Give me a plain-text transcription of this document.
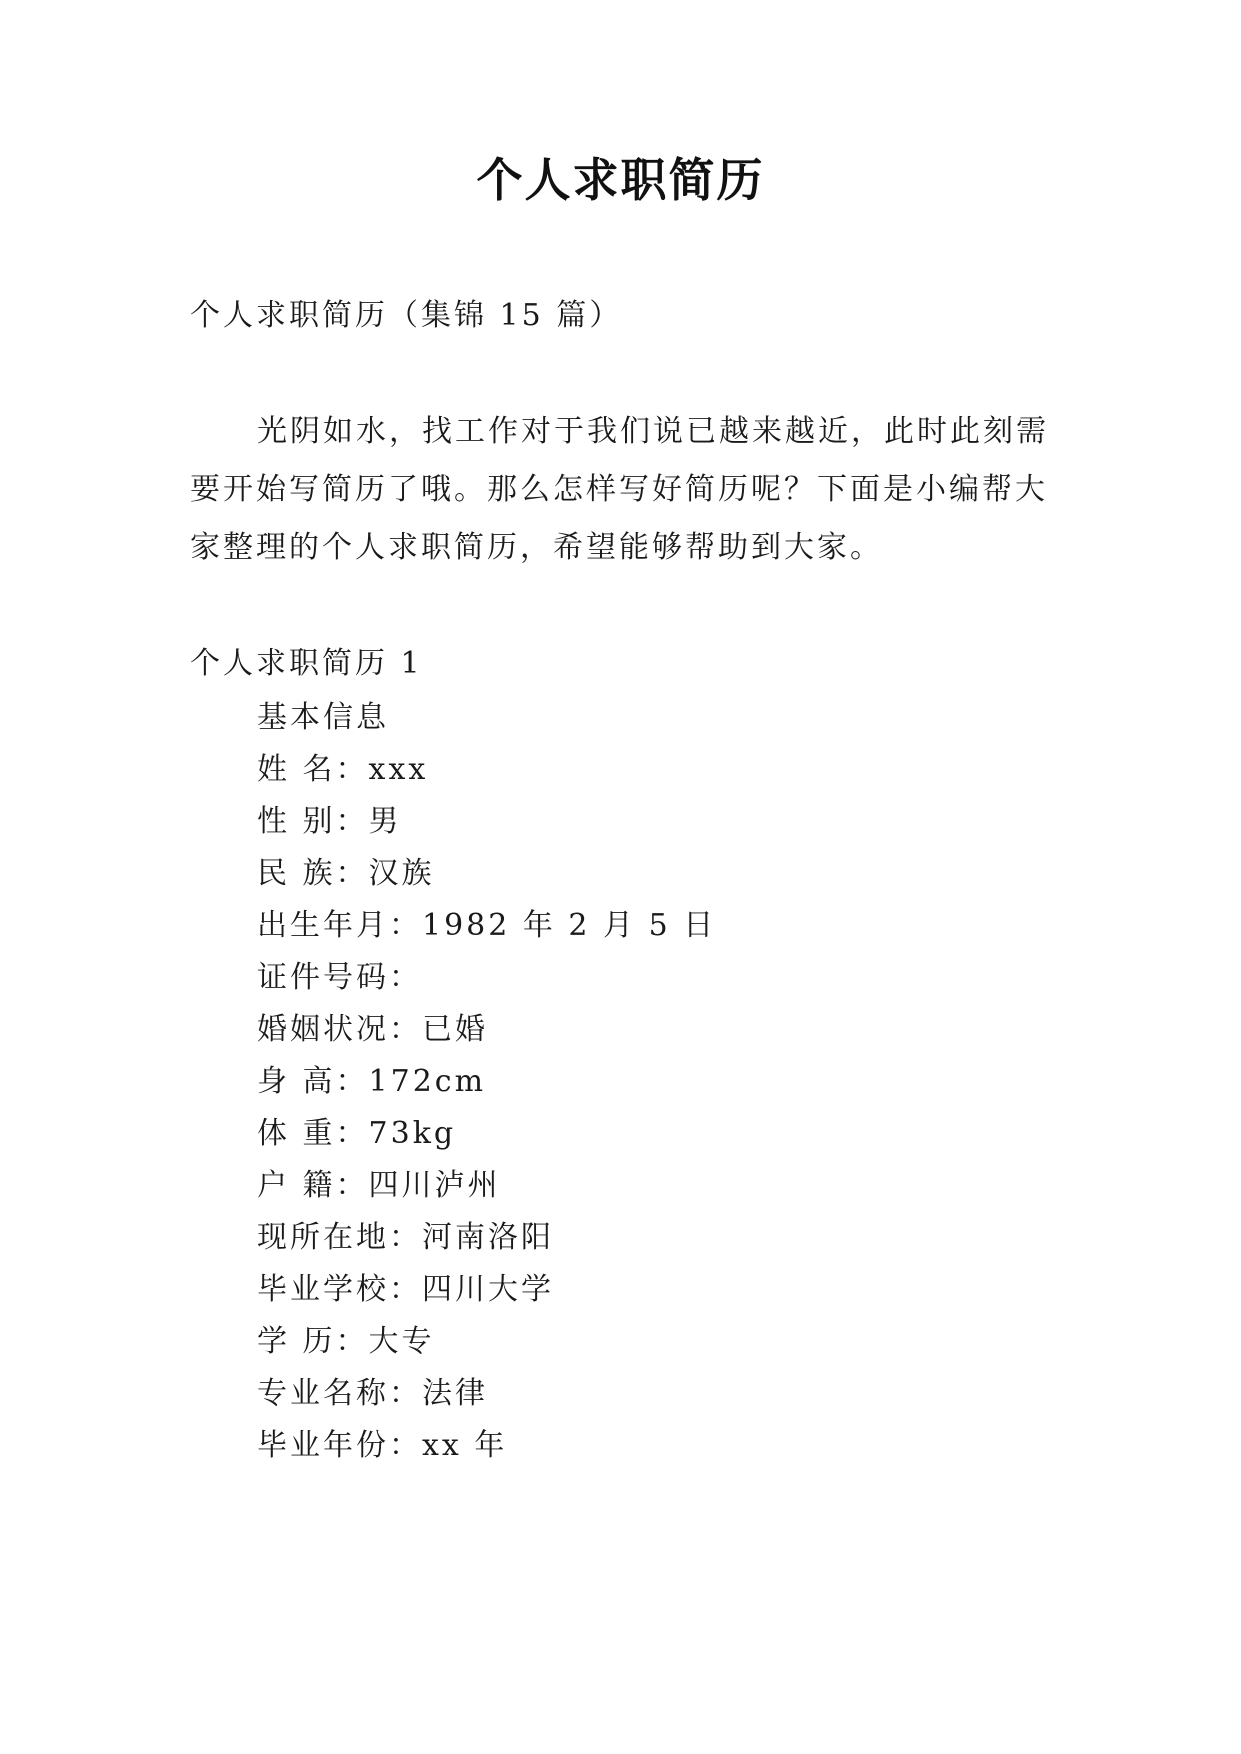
个人求职简历
个人求职简历（集锦 15 篇）
光阴如水，找工作对于我们说已越来越近，此时此刻需
要开始写简历了哦。那么怎样写好简历呢？下面是小编帮大
家整理的个人求职简历，希望能够帮助到大家。
个人求职简历 1
基本信息
姓 名：xxx
性 别：男
民 族：汉族
出生年月：1982 年 2 月 5 日
证件号码：
婚姻状况：已婚
身 高：172cm
体 重：73kg
户 籍：四川泸州
现所在地：河南洛阳
毕业学校：四川大学
学 历：大专
专业名称：法律
毕业年份：xx 年
